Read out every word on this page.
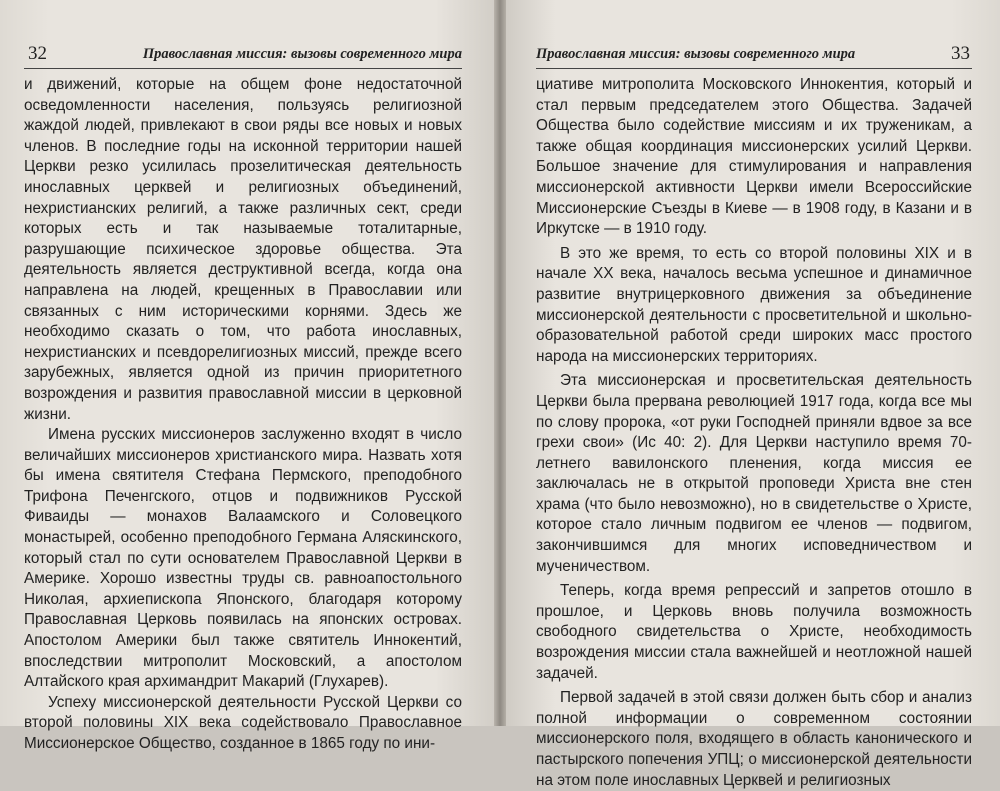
32	Православная миссия: вызовы современного мира

и движений, которые на общем фоне недостаточной осведомленности населения, пользуясь религиозной жаждой людей, привлекают в свои ряды все новых и новых членов. В последние годы на исконной территории нашей Церкви резко усилилась прозелитическая деятельность инославных церквей и религиозных объединений, нехристианских религий, а также различных сект, среди которых есть и так называемые тоталитарные, разрушающие психическое здоровье общества. Эта деятельность является деструктивной всегда, когда она направлена на людей, крещенных в Православии или связанных с ним историческими корнями. Здесь же необходимо сказать о том, что работа инославных, нехристианских и псевдорелигиозных миссий, прежде всего зарубежных, является одной из причин приоритетного возрождения и развития православной миссии в церковной жизни.

Имена русских миссионеров заслуженно входят в число величайших миссионеров христианского мира. Назвать хотя бы имена святителя Стефана Пермского, преподобного Трифона Печенгского, отцов и подвижников Русской Фиваиды — монахов Валаамского и Соловецкого монастырей, особенно преподобного Германа Аляскинского, который стал по сути основателем Православной Церкви в Америке. Хорошо известны труды св. равноапостольного Николая, архиепископа Японского, благодаря которому Православная Церковь появилась на японских островах. Апостолом Америки был также святитель Иннокентий, впоследствии митрополит Московский, а апостолом Алтайского края архимандрит Макарий (Глухарев).

Успеху миссионерской деятельности Русской Церкви со второй половины XIX века содействовало Православное Миссионерское Общество, созданное в 1865 году по ини-

Православная миссия: вызовы современного мира	33

циативе митрополита Московского Иннокентия, который и стал первым председателем этого Общества. Задачей Общества было содействие миссиям и их труженикам, а также общая координация миссионерских усилий Церкви. Большое значение для стимулирования и направления миссионерской активности Церкви имели Всероссийские Миссионерские Съезды в Киеве — в 1908 году, в Казани и в Иркутске — в 1910 году.

В это же время, то есть со второй половины XIX и в начале XX века, началось весьма успешное и динамичное развитие внутрицерковного движения за объединение миссионерской деятельности с просветительной и школьно-образовательной работой среди широких масс простого народа на миссионерских территориях.

Эта миссионерская и просветительская деятельность Церкви была прервана революцией 1917 года, когда все мы по слову пророка, «от руки Господней приняли вдвое за все грехи свои» (Ис 40: 2). Для Церкви наступило время 70-летнего вавилонского пленения, когда миссия ее заключалась не в открытой проповеди Христа вне стен храма (что было невозможно), но в свидетельстве о Христе, которое стало личным подвигом ее членов — подвигом, закончившимся для многих исповедничеством и мученичеством.

Теперь, когда время репрессий и запретов отошло в прошлое, и Церковь вновь получила возможность свободного свидетельства о Христе, необходимость возрождения миссии стала важнейшей и неотложной нашей задачей.

Первой задачей в этой связи должен быть сбор и анализ полной информации о современном состоянии миссионерского поля, входящего в область канонического и пастырского попечения УПЦ; о миссионерской деятельности на этом поле инославных Церквей и религиозных
